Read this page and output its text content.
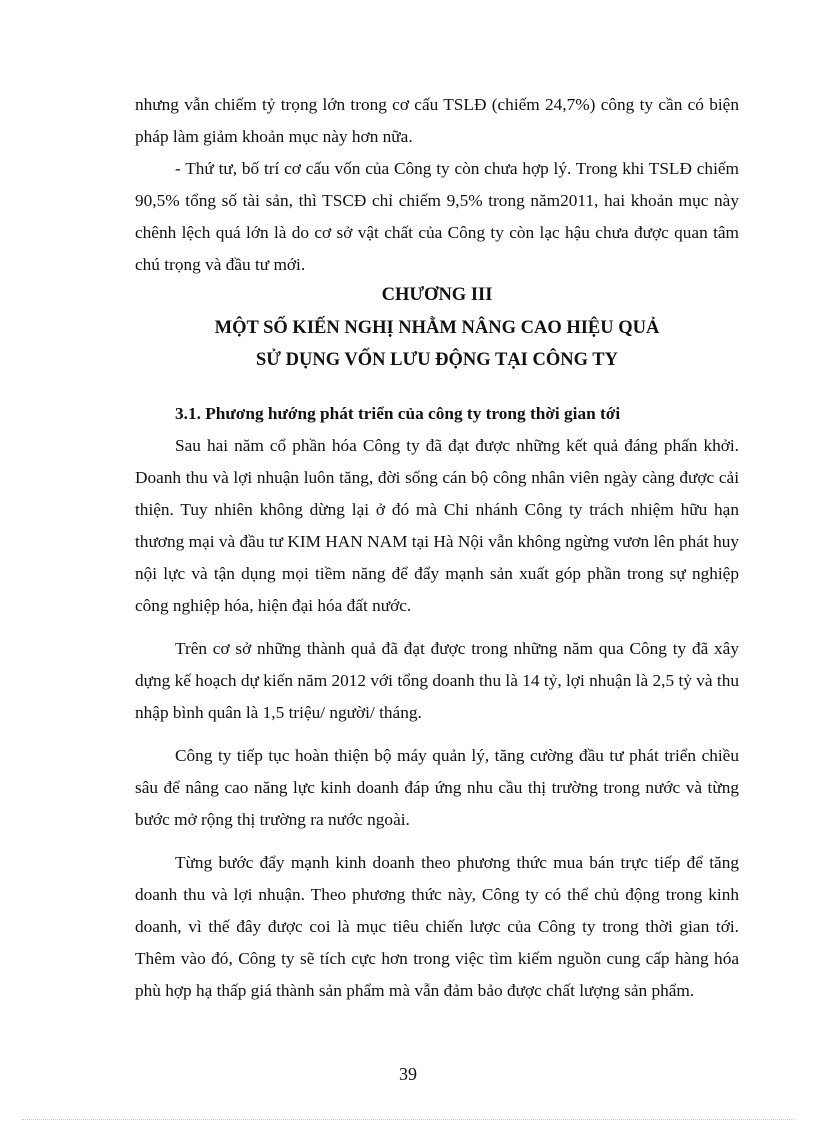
nhưng vẫn chiếm tỷ trọng lớn trong cơ cấu TSLĐ (chiếm 24,7%) công ty cần có biện pháp làm giảm khoản mục này hơn nữa.

- Thứ tư, bố trí cơ cấu vốn của Công ty còn chưa hợp lý. Trong khi TSLĐ chiếm 90,5% tổng số tài sản, thì TSCĐ chỉ chiếm 9,5% trong năm2011, hai khoản mục này chênh lệch quá lớn là do cơ sở vật chất của Công ty còn lạc hậu chưa được quan tâm chú trọng và đầu tư mới.

CHƯƠNG III

MỘT SỐ KIẾN NGHỊ NHẰM NÂNG CAO HIỆU QUẢ

SỬ DỤNG VỐN LƯU ĐỘNG TẠI CÔNG TY

3.1. Phương hướng phát triển của công ty trong thời gian tới

Sau hai năm cổ phần hóa Công ty đã đạt được những kết quả đáng phấn khởi. Doanh thu và lợi nhuận luôn tăng, đời sống cán bộ công nhân viên ngày càng được cải thiện. Tuy nhiên không dừng lại ở đó mà Chi nhánh Công ty trách nhiệm hữu hạn thương mại và đầu tư KIM HAN NAM tại Hà Nội vẫn không ngừng vươn lên phát huy nội lực và tận dụng mọi tiềm năng để đẩy mạnh sản xuất góp phần trong sự nghiệp công nghiệp hóa, hiện đại hóa đất nước.

Trên cơ sở những thành quả đã đạt được trong những năm qua Công ty đã xây dựng kế hoạch dự kiến năm 2012 với tổng doanh thu là 14 tỷ, lợi nhuận là 2,5 tỷ và thu nhập bình quân là 1,5 triệu/ người/ tháng.

Công ty tiếp tục hoàn thiện bộ máy quản lý, tăng cường đầu tư phát triển chiều sâu để nâng cao năng lực kinh doanh đáp ứng nhu cầu thị trường trong nước và từng bước mở rộng thị trường ra nước ngoài.

Từng bước đẩy mạnh kinh doanh theo phương thức mua bán trực tiếp để tăng doanh thu và lợi nhuận. Theo phương thức này, Công ty có thể chủ động trong kinh doanh, vì thế đây được coi là mục tiêu chiến lược của Công ty trong thời gian tới. Thêm vào đó, Công ty sẽ tích cực hơn trong việc tìm kiếm nguồn cung cấp hàng hóa phù hợp hạ thấp giá thành sản phẩm mà vẫn đảm bảo được chất lượng sản phẩm.

39
